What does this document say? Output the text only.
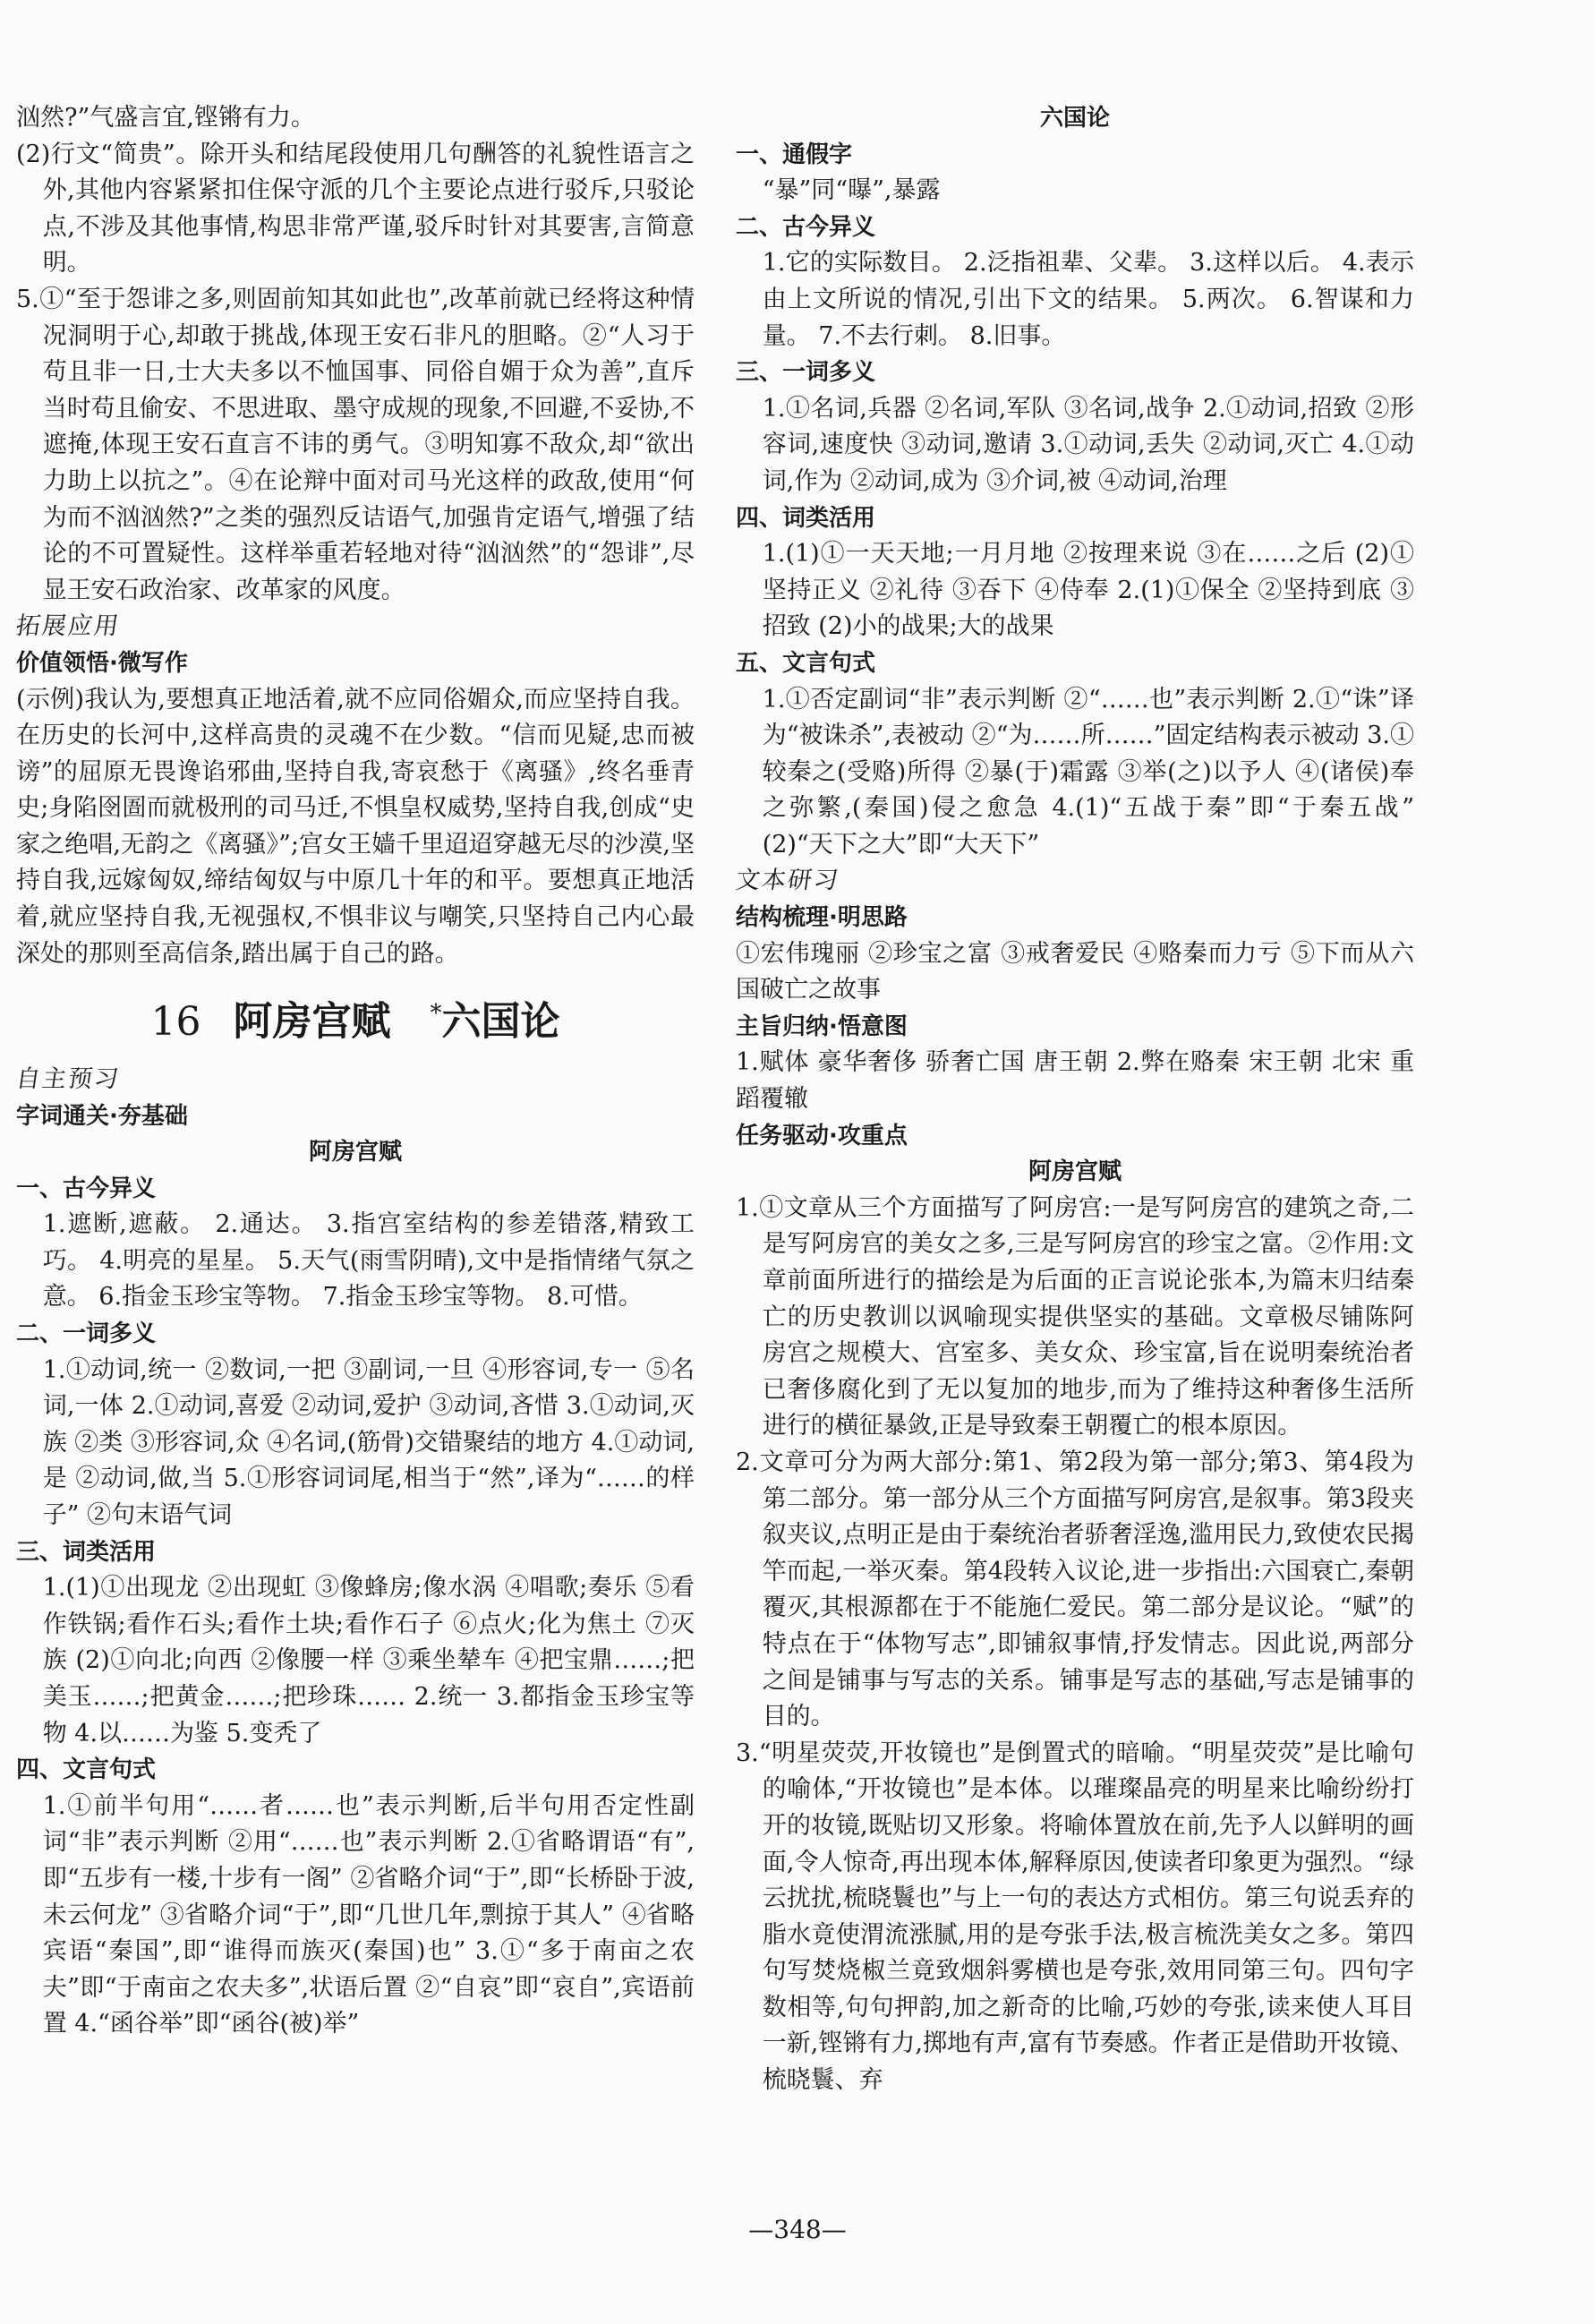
汹然?”气盛言宜,铿锵有力。
(2)行文“简贵”。除开头和结尾段使用几句酬答的礼貌性语言之外,其他内容紧紧扣住保守派的几个主要论点进行驳斥,只驳论点,不涉及其他事情,构思非常严谨,驳斥时针对其要害,言简意明。
5.①“至于怨诽之多,则固前知其如此也”,改革前就已经将这种情况洞明于心,却敢于挑战,体现王安石非凡的胆略。②“人习于苟且非一日,士大夫多以不恤国事、同俗自媚于众为善”,直斥当时苟且偷安、不思进取、墨守成规的现象,不回避,不妥协,不遮掩,体现王安石直言不讳的勇气。③明知寡不敌众,却“欲出力助上以抗之”。④在论辩中面对司马光这样的政敌,使用“何为而不汹汹然?”之类的强烈反诘语气,加强肯定语气,增强了结论的不可置疑性。这样举重若轻地对待“汹汹然”的“怨诽”,尽显王安石政治家、改革家的风度。
拓展应用
价值领悟·微写作
(示例)我认为,要想真正地活着,就不应同俗媚众,而应坚持自我。在历史的长河中,这样高贵的灵魂不在少数。“信而见疑,忠而被谤”的屈原无畏谗谄邪曲,坚持自我,寄哀愁于《离骚》,终名垂青史;身陷囹圄而就极刑的司马迁,不惧皇权威势,坚持自我,创成“史家之绝唱,无韵之《离骚》”;宫女王嫱千里迢迢穿越无尽的沙漠,坚持自我,远嫁匈奴,缔结匈奴与中原几十年的和平。要想真正地活着,就应坚持自我,无视强权,不惧非议与嘲笑,只坚持自己内心最深处的那则至高信条,踏出属于自己的路。
16 阿房宫赋　 *六国论
自主预习
字词通关·夯基础
阿房宫赋
一、古今异义
1.遮断,遮蔽。 2.通达。 3.指宫室结构的参差错落,精致工巧。 4.明亮的星星。 5.天气(雨雪阴晴),文中是指情绪气氛之意。 6.指金玉珍宝等物。 7.指金玉珍宝等物。 8.可惜。
二、一词多义
1.①动词,统一 ②数词,一把 ③副词,一旦 ④形容词,专一 ⑤名词,一体 2.①动词,喜爱 ②动词,爱护 ③动词,吝惜 3.①动词,灭族 ②类 ③形容词,众 ④名词,(筋骨)交错聚结的地方 4.①动词,是 ②动词,做,当 5.①形容词词尾,相当于“然”,译为“……的样子” ②句末语气词
三、词类活用
1.(1)①出现龙 ②出现虹 ③像蜂房;像水涡 ④唱歌;奏乐 ⑤看作铁锅;看作石头;看作土块;看作石子 ⑥点火;化为焦土 ⑦灭族 (2)①向北;向西 ②像腰一样 ③乘坐辇车 ④把宝鼎……;把美玉……;把黄金……;把珍珠…… 2.统一 3.都指金玉珍宝等物 4.以……为鉴 5.变秃了
四、文言句式
1.①前半句用“……者……也”表示判断,后半句用否定性副词“非”表示判断 ②用“……也”表示判断 2.①省略谓语“有”,即“五步有一楼,十步有一阁” ②省略介词“于”,即“长桥卧于波,未云何龙” ③省略介词“于”,即“几世几年,剽掠于其人” ④省略宾语“秦国”,即“谁得而族灭(秦国)也” 3.①“多于南亩之农夫”即“于南亩之农夫多”,状语后置 ②“自哀”即“哀自”,宾语前置 4.“函谷举”即“函谷(被)举”
六国论
一、通假字
“暴”同“曝”,暴露
二、古今异义
1.它的实际数目。 2.泛指祖辈、父辈。 3.这样以后。 4.表示由上文所说的情况,引出下文的结果。 5.两次。 6.智谋和力量。 7.不去行刺。 8.旧事。
三、一词多义
1.①名词,兵器 ②名词,军队 ③名词,战争 2.①动词,招致 ②形容词,速度快 ③动词,邀请 3.①动词,丢失 ②动词,灭亡 4.①动词,作为 ②动词,成为 ③介词,被 ④动词,治理
四、词类活用
1.(1)①一天天地;一月月地 ②按理来说 ③在……之后 (2)①坚持正义 ②礼待 ③吞下 ④侍奉 2.(1)①保全 ②坚持到底 ③招致 (2)小的战果;大的战果
五、文言句式
1.①否定副词“非”表示判断 ②“……也”表示判断 2.①“诛”译为“被诛杀”,表被动 ②“为……所……”固定结构表示被动 3.①较秦之(受赂)所得 ②暴(于)霜露 ③举(之)以予人 ④(诸侯)奉之弥繁,(秦国)侵之愈急 4.(1)“五战于秦”即“于秦五战” (2)“天下之大”即“大天下”
文本研习
结构梳理·明思路
①宏伟瑰丽 ②珍宝之富 ③戒奢爱民 ④赂秦而力亏 ⑤下而从六国破亡之故事
主旨归纳·悟意图
1.赋体 豪华奢侈 骄奢亡国 唐王朝 2.弊在赂秦 宋王朝 北宋 重蹈覆辙
任务驱动·攻重点
阿房宫赋
1.①文章从三个方面描写了阿房宫:一是写阿房宫的建筑之奇,二是写阿房宫的美女之多,三是写阿房宫的珍宝之富。②作用:文章前面所进行的描绘是为后面的正言说论张本,为篇末归结秦亡的历史教训以讽喻现实提供坚实的基础。文章极尽铺陈阿房宫之规模大、宫室多、美女众、珍宝富,旨在说明秦统治者已奢侈腐化到了无以复加的地步,而为了维持这种奢侈生活所进行的横征暴敛,正是导致秦王朝覆亡的根本原因。
2.文章可分为两大部分:第1、第2段为第一部分;第3、第4段为第二部分。第一部分从三个方面描写阿房宫,是叙事。第3段夹叙夹议,点明正是由于秦统治者骄奢淫逸,滥用民力,致使农民揭竿而起,一举灭秦。第4段转入议论,进一步指出:六国衰亡,秦朝覆灭,其根源都在于不能施仁爱民。第二部分是议论。“赋”的特点在于“体物写志”,即铺叙事情,抒发情志。因此说,两部分之间是铺事与写志的关系。铺事是写志的基础,写志是铺事的目的。
3.“明星荧荧,开妆镜也”是倒置式的暗喻。“明星荧荧”是比喻句的喻体,“开妆镜也”是本体。以璀璨晶亮的明星来比喻纷纷打开的妆镜,既贴切又形象。将喻体置放在前,先予人以鲜明的画面,令人惊奇,再出现本体,解释原因,使读者印象更为强烈。“绿云扰扰,梳晓鬟也”与上一句的表达方式相仿。第三句说丢弃的脂水竟使渭流涨腻,用的是夸张手法,极言梳洗美女之多。第四句写焚烧椒兰竟致烟斜雾横也是夸张,效用同第三句。四句字数相等,句句押韵,加之新奇的比喻,巧妙的夸张,读来使人耳目一新,铿锵有力,掷地有声,富有节奏感。作者正是借助开妆镜、梳晓鬟、弃
—348—
